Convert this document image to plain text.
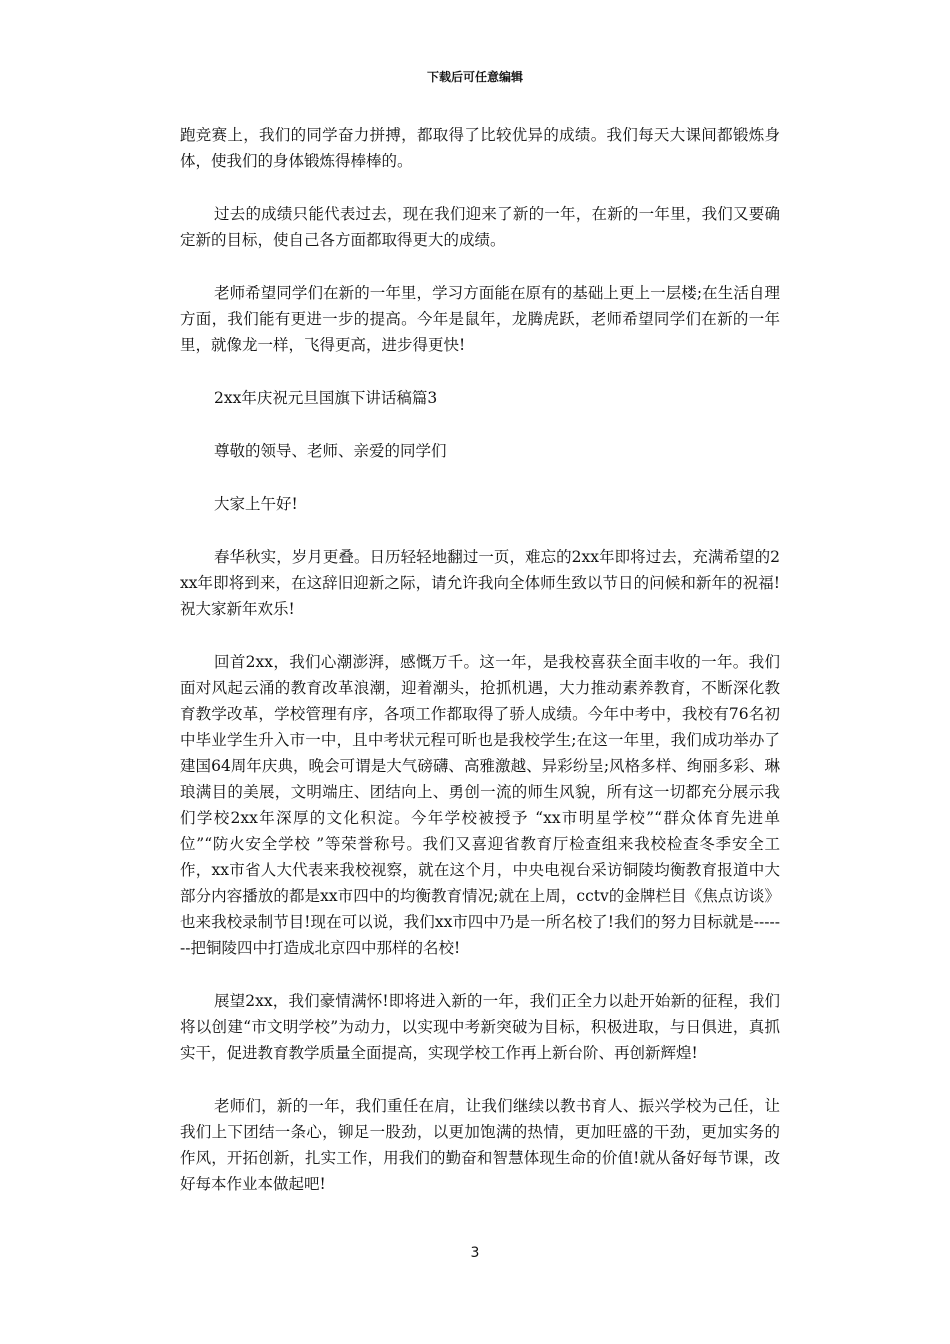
下载后可任意编辑

跑竞赛上，我们的同学奋力拼搏，都取得了比较优异的成绩。我们每天大课间都锻炼身体，使我们的身体锻炼得棒棒的。

过去的成绩只能代表过去，现在我们迎来了新的一年，在新的一年里，我们又要确定新的目标，使自己各方面都取得更大的成绩。

老师希望同学们在新的一年里，学习方面能在原有的基础上更上一层楼;在生活自理方面，我们能有更进一步的提高。今年是鼠年，龙腾虎跃，老师希望同学们在新的一年里，就像龙一样，飞得更高，进步得更快!

2xx年庆祝元旦国旗下讲话稿篇3

尊敬的领导、老师、亲爱的同学们

大家上午好!

春华秋实，岁月更叠。日历轻轻地翻过一页，难忘的2xx年即将过去，充满希望的2xx年即将到来，在这辞旧迎新之际，请允许我向全体师生致以节日的问候和新年的祝福!祝大家新年欢乐!

回首2xx，我们心潮澎湃，感慨万千。这一年，是我校喜获全面丰收的一年。我们面对风起云涌的教育改革浪潮，迎着潮头，抢抓机遇，大力推动素养教育，不断深化教育教学改革，学校管理有序，各项工作都取得了骄人成绩。今年中考中，我校有76名初中毕业学生升入市一中，且中考状元程可昕也是我校学生;在这一年里，我们成功举办了建国64周年庆典，晚会可谓是大气磅礴、高雅激越、异彩纷呈;风格多样、绚丽多彩、琳琅满目的美展，文明端庄、团结向上、勇创一流的师生风貌，所有这一切都充分展示我们学校2xx年深厚的文化积淀。今年学校被授予 “xx市明星学校”“群众体育先进单位”“防火安全学校 ”等荣誉称号。我们又喜迎省教育厅检查组来我校检查冬季安全工作，xx市省人大代表来我校视察，就在这个月，中央电视台采访铜陵均衡教育报道中大部分内容播放的都是xx市四中的均衡教育情况;就在上周，cctv的金牌栏目《焦点访谈》也来我校录制节目!现在可以说，我们xx市四中乃是一所名校了!我们的努力目标就是-------把铜陵四中打造成北京四中那样的名校!

展望2xx，我们豪情满怀!即将进入新的一年，我们正全力以赴开始新的征程，我们将以创建“市文明学校”为动力，以实现中考新突破为目标，积极进取，与日俱进，真抓实干，促进教育教学质量全面提高，实现学校工作再上新台阶、再创新辉煌!

老师们，新的一年，我们重任在肩，让我们继续以教书育人、振兴学校为己任，让我们上下团结一条心，铆足一股劲，以更加饱满的热情，更加旺盛的干劲，更加实务的作风，开拓创新，扎实工作，用我们的勤奋和智慧体现生命的价值!就从备好每节课，改好每本作业本做起吧!

3
